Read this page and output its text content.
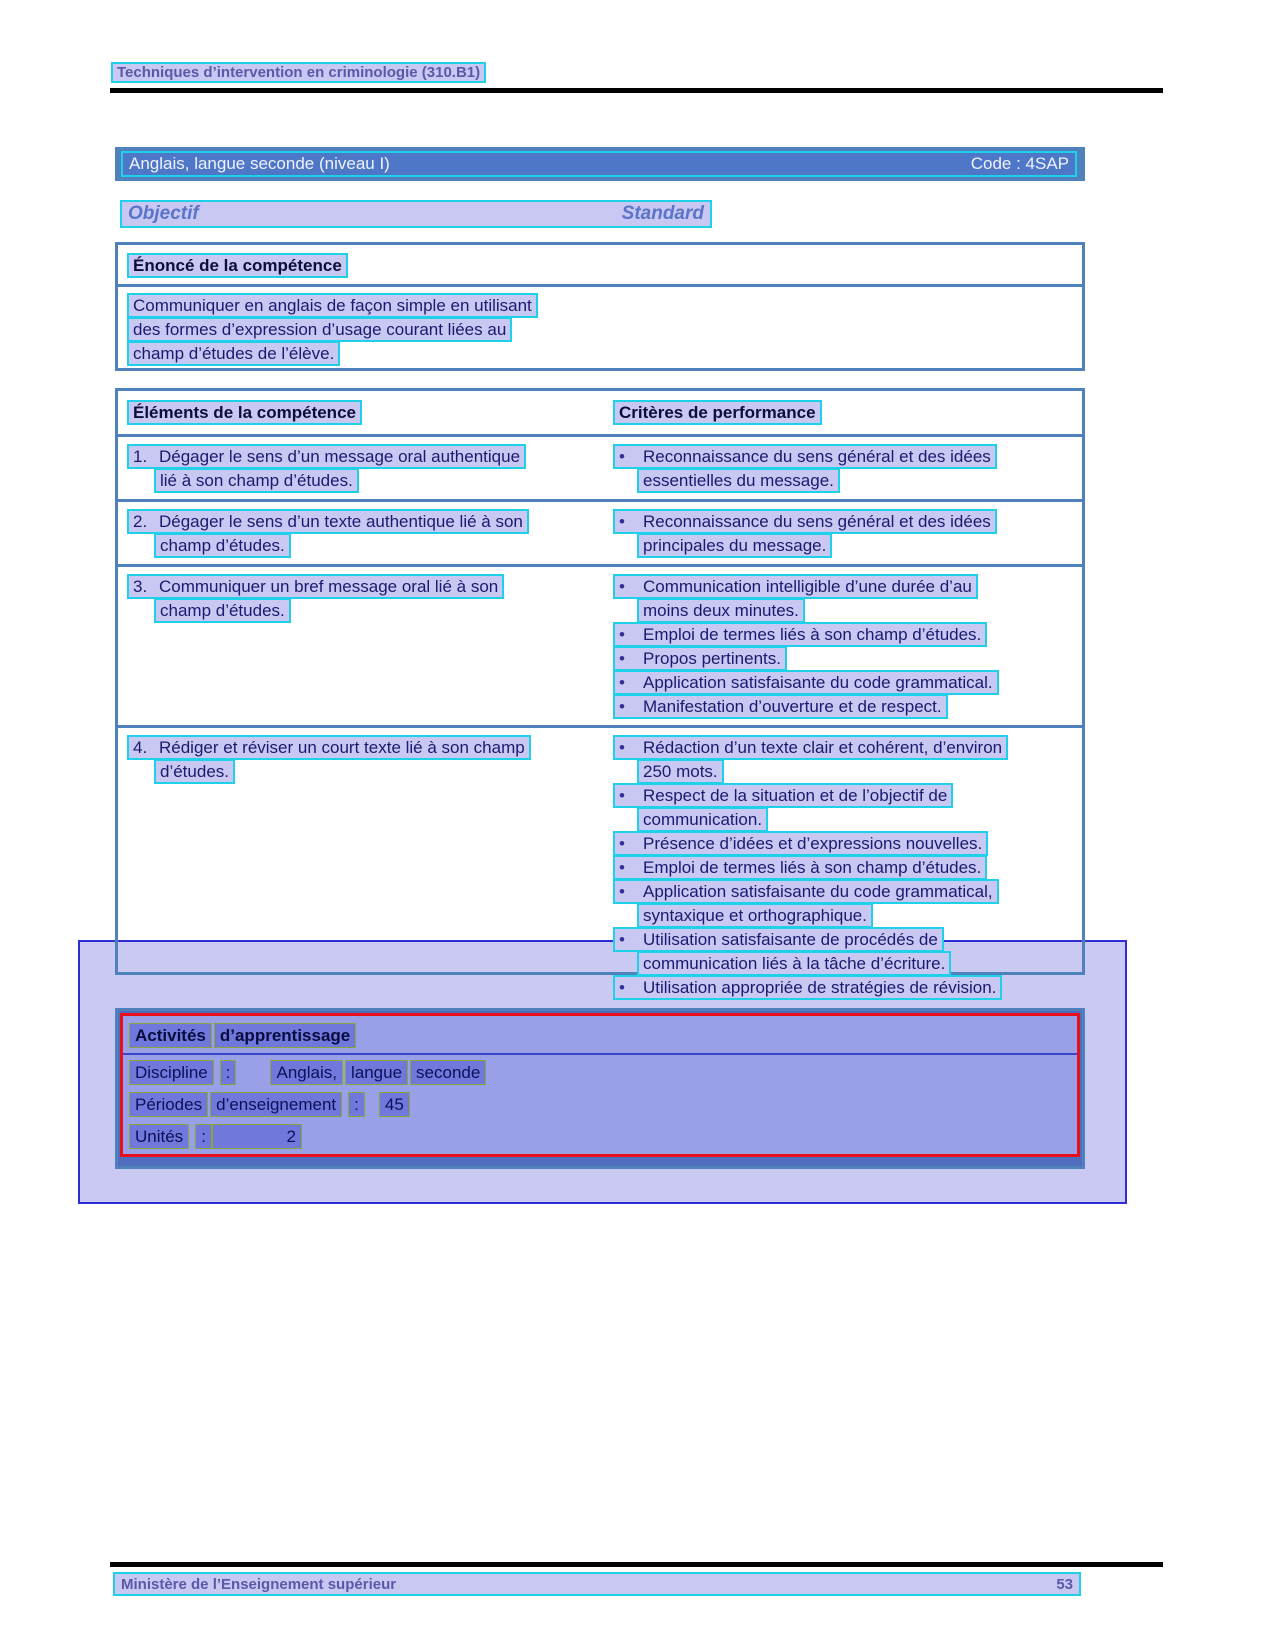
Techniques d’intervention en criminologie (310.B1)
Anglais, langue seconde (niveau I)	Code : 4SAP
Objectif	Standard
Énoncé de la compétence
Communiquer en anglais de façon simple en utilisant
des formes d’expression d’usage courant liées au
champ d’études de l’élève.
Éléments de la compétence	Critères de performance
1. Dégager le sens d’un message oral authentique
lié à son champ d’études.
• Reconnaissance du sens général et des idées
essentielles du message.
2. Dégager le sens d’un texte authentique lié à son
champ d’études.
• Reconnaissance du sens général et des idées
principales du message.
3. Communiquer un bref message oral lié à son
champ d’études.
• Communication intelligible d’une durée d’au
moins deux minutes.
• Emploi de termes liés à son champ d’études.
• Propos pertinents.
• Application satisfaisante du code grammatical.
• Manifestation d’ouverture et de respect.
4. Rédiger et réviser un court texte lié à son champ
d’études.
• Rédaction d’un texte clair et cohérent, d’environ
250 mots.
• Respect de la situation et de l’objectif de
communication.
• Présence d’idées et d’expressions nouvelles.
• Emploi de termes liés à son champ d’études.
• Application satisfaisante du code grammatical,
syntaxique et orthographique.
• Utilisation satisfaisante de procédés de
communication liés à la tâche d’écriture.
• Utilisation appropriée de stratégies de révision.
Activités d’apprentissage
Discipline :	Anglais, langue seconde
Périodes d’enseignement : 45
Unités :	2
Ministère de l’Enseignement supérieur	53
